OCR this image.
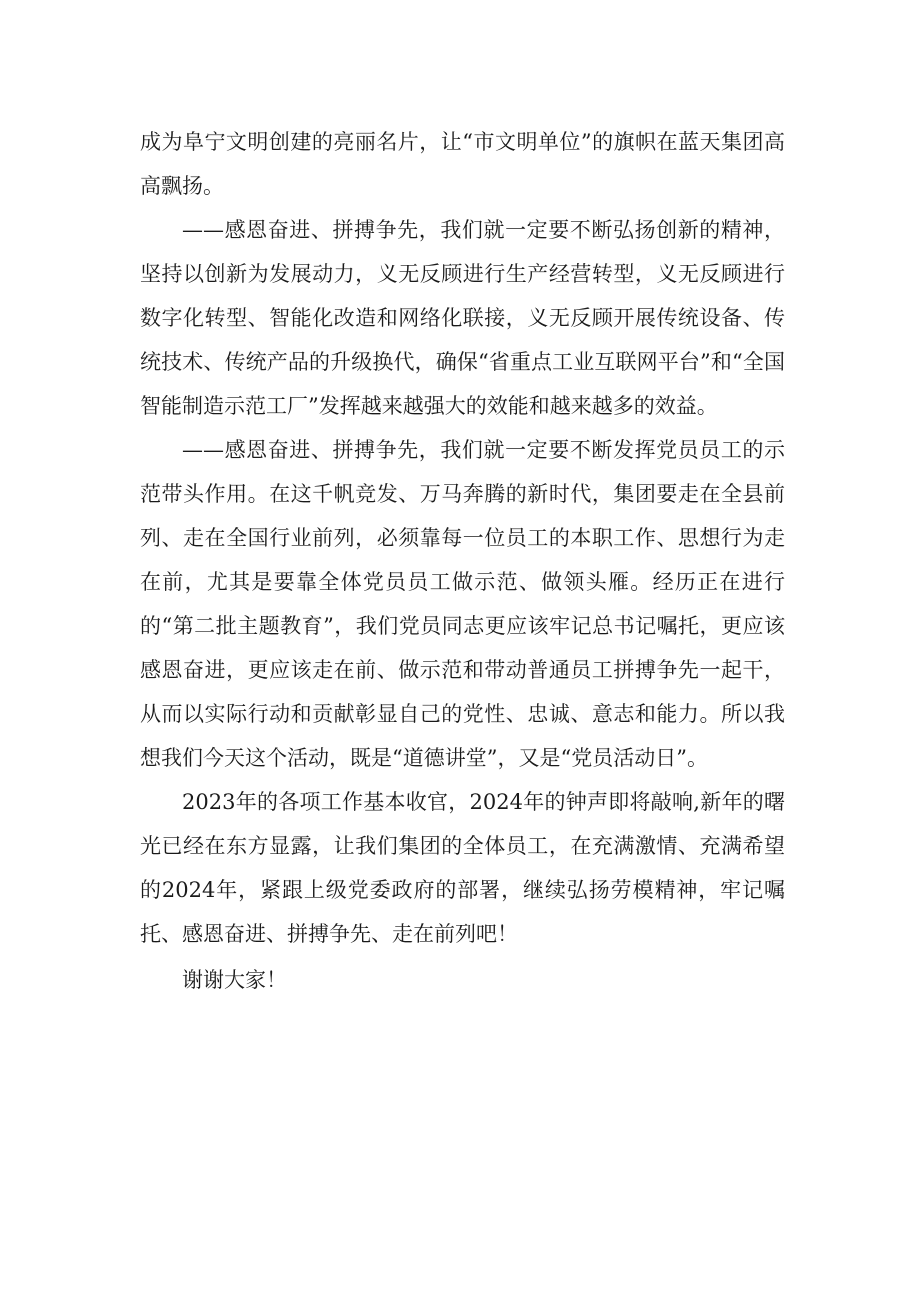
成为阜宁文明创建的亮丽名片，让“市文明单位”的旗帜在蓝天集团高高飘扬。

——感恩奋进、拼搏争先，我们就一定要不断弘扬创新的精神，坚持以创新为发展动力，义无反顾进行生产经营转型，义无反顾进行数字化转型、智能化改造和网络化联接，义无反顾开展传统设备、传统技术、传统产品的升级换代，确保“省重点工业互联网平台”和“全国智能制造示范工厂”发挥越来越强大的效能和越来越多的效益。

——感恩奋进、拼搏争先，我们就一定要不断发挥党员员工的示范带头作用。在这千帆竞发、万马奔腾的新时代，集团要走在全县前列、走在全国行业前列，必须靠每一位员工的本职工作、思想行为走在前，尤其是要靠全体党员员工做示范、做领头雁。经历正在进行的“第二批主题教育”，我们党员同志更应该牢记总书记嘱托，更应该感恩奋进，更应该走在前、做示范和带动普通员工拼搏争先一起干，从而以实际行动和贡献彰显自己的党性、忠诚、意志和能力。所以我想我们今天这个活动，既是“道德讲堂”，又是“党员活动日”。

2023年的各项工作基本收官，2024年的钟声即将敲响,新年的曙光已经在东方显露，让我们集团的全体员工，在充满激情、充满希望的2024年，紧跟上级党委政府的部署，继续弘扬劳模精神，牢记嘱托、感恩奋进、拼搏争先、走在前列吧！

谢谢大家！
